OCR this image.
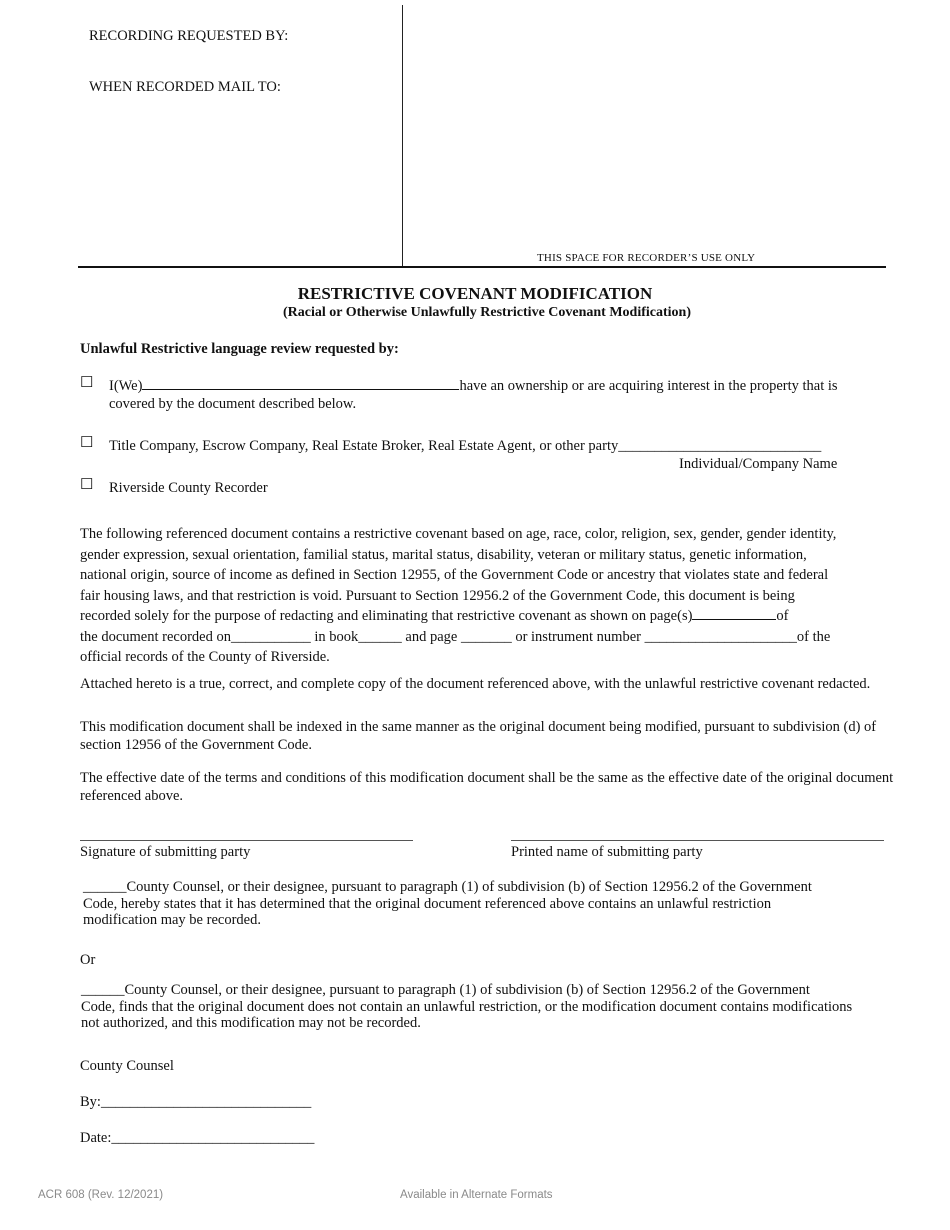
RECORDING REQUESTED BY:
WHEN RECORDED MAIL TO:
THIS SPACE FOR RECORDER’S USE ONLY
RESTRICTIVE COVENANT MODIFICATION
(Racial or Otherwise Unlawfully Restrictive Covenant Modification)
Unlawful Restrictive language review requested by:
☐ I(We)	have an ownership or are acquiring interest in the property that is
covered by the document described below.
☐ Title Company, Escrow Company, Real Estate Broker, Real Estate Agent, or other party____________________________
Individual/Company Name
☐ Riverside County Recorder
The following referenced document contains a restrictive covenant based on age, race, color, religion, sex, gender, gender identity,
gender expression, sexual orientation, familial status, marital status, disability, veteran or military status, genetic information,
national origin, source of income as defined in Section 12955, of the Government Code or ancestry that violates state and federal
fair housing laws, and that restriction is void. Pursuant to Section 12956.2 of the Government Code, this document is being
recorded solely for the purpose of redacting and eliminating that restrictive covenant as shown on page(s)	of
the document recorded on___________ in book______ and page _______ or instrument number _____________________of the
official records of the County of Riverside.
Attached hereto is a true, correct, and complete copy of the document referenced above, with the unlawful restrictive covenant redacted.
This modification document shall be indexed in the same manner as the original document being modified, pursuant to subdivision (d) of section 12956 of the Government Code.
The effective date of the terms and conditions of this modification document shall be the same as the effective date of the original document referenced above.
Signature of submitting party	Printed name of submitting party
______County Counsel, or their designee, pursuant to paragraph (1) of subdivision (b) of Section 12956.2 of the Government
Code, hereby states that it has determined that the original document referenced above contains an unlawful restriction
modification may be recorded.
Or
______County Counsel, or their designee, pursuant to paragraph (1) of subdivision (b) of Section 12956.2 of the Government
Code, finds that the original document does not contain an unlawful restriction, or the modification document contains modifications
not authorized, and this modification may not be recorded.
County Counsel
By:_____________________________
Date:____________________________
ACR 608 (Rev. 12/2021)	Available in Alternate Formats
